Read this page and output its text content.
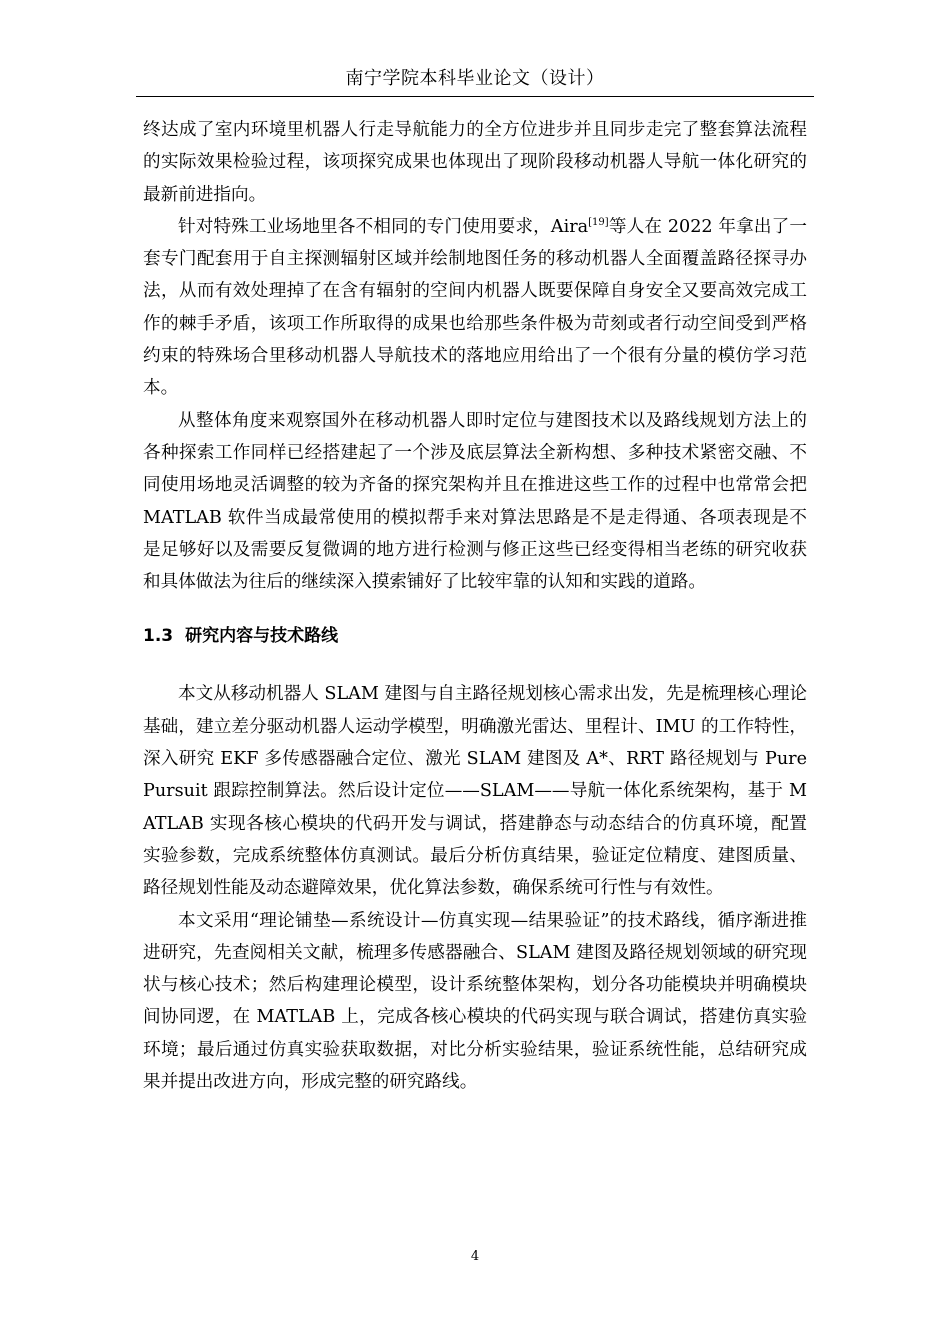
南宁学院本科毕业论文（设计）

终达成了室内环境里机器人行走导航能力的全方位进步并且同步走完了整套算法流程的实际效果检验过程，该项探究成果也体现出了现阶段移动机器人导航一体化研究的最新前进指向。

针对特殊工业场地里各不相同的专门使用要求，Aira[19]等人在 2022 年拿出了一套专门配套用于自主探测辐射区域并绘制地图任务的移动机器人全面覆盖路径探寻办法，从而有效处理掉了在含有辐射的空间内机器人既要保障自身安全又要高效完成工作的棘手矛盾，该项工作所取得的成果也给那些条件极为苛刻或者行动空间受到严格约束的特殊场合里移动机器人导航技术的落地应用给出了一个很有分量的模仿学习范本。

从整体角度来观察国外在移动机器人即时定位与建图技术以及路线规划方法上的各种探索工作同样已经搭建起了一个涉及底层算法全新构想、多种技术紧密交融、不同使用场地灵活调整的较为齐备的探究架构并且在推进这些工作的过程中也常常会把 MATLAB 软件当成最常使用的模拟帮手来对算法思路是不是走得通、各项表现是不是足够好以及需要反复微调的地方进行检测与修正这些已经变得相当老练的研究收获和具体做法为往后的继续深入摸索铺好了比较牢靠的认知和实践的道路。

1.3 研究内容与技术路线

本文从移动机器人 SLAM 建图与自主路径规划核心需求出发，先是梳理核心理论基础，建立差分驱动机器人运动学模型，明确激光雷达、里程计、IMU 的工作特性，深入研究 EKF 多传感器融合定位、激光 SLAM 建图及 A*、RRT 路径规划与 Pure Pursuit 跟踪控制算法。然后设计定位——SLAM——导航一体化系统架构，基于 MATLAB 实现各核心模块的代码开发与调试，搭建静态与动态结合的仿真环境，配置实验参数，完成系统整体仿真测试。最后分析仿真结果，验证定位精度、建图质量、路径规划性能及动态避障效果，优化算法参数，确保系统可行性与有效性。

本文采用“理论铺垫—系统设计—仿真实现—结果验证”的技术路线，循序渐进推进研究，先查阅相关文献，梳理多传感器融合、SLAM 建图及路径规划领域的研究现状与核心技术；然后构建理论模型，设计系统整体架构，划分各功能模块并明确模块间协同逻，在 MATLAB 上，完成各核心模块的代码实现与联合调试，搭建仿真实验环境；最后通过仿真实验获取数据，对比分析实验结果，验证系统性能，总结研究成果并提出改进方向，形成完整的研究路线。

4
